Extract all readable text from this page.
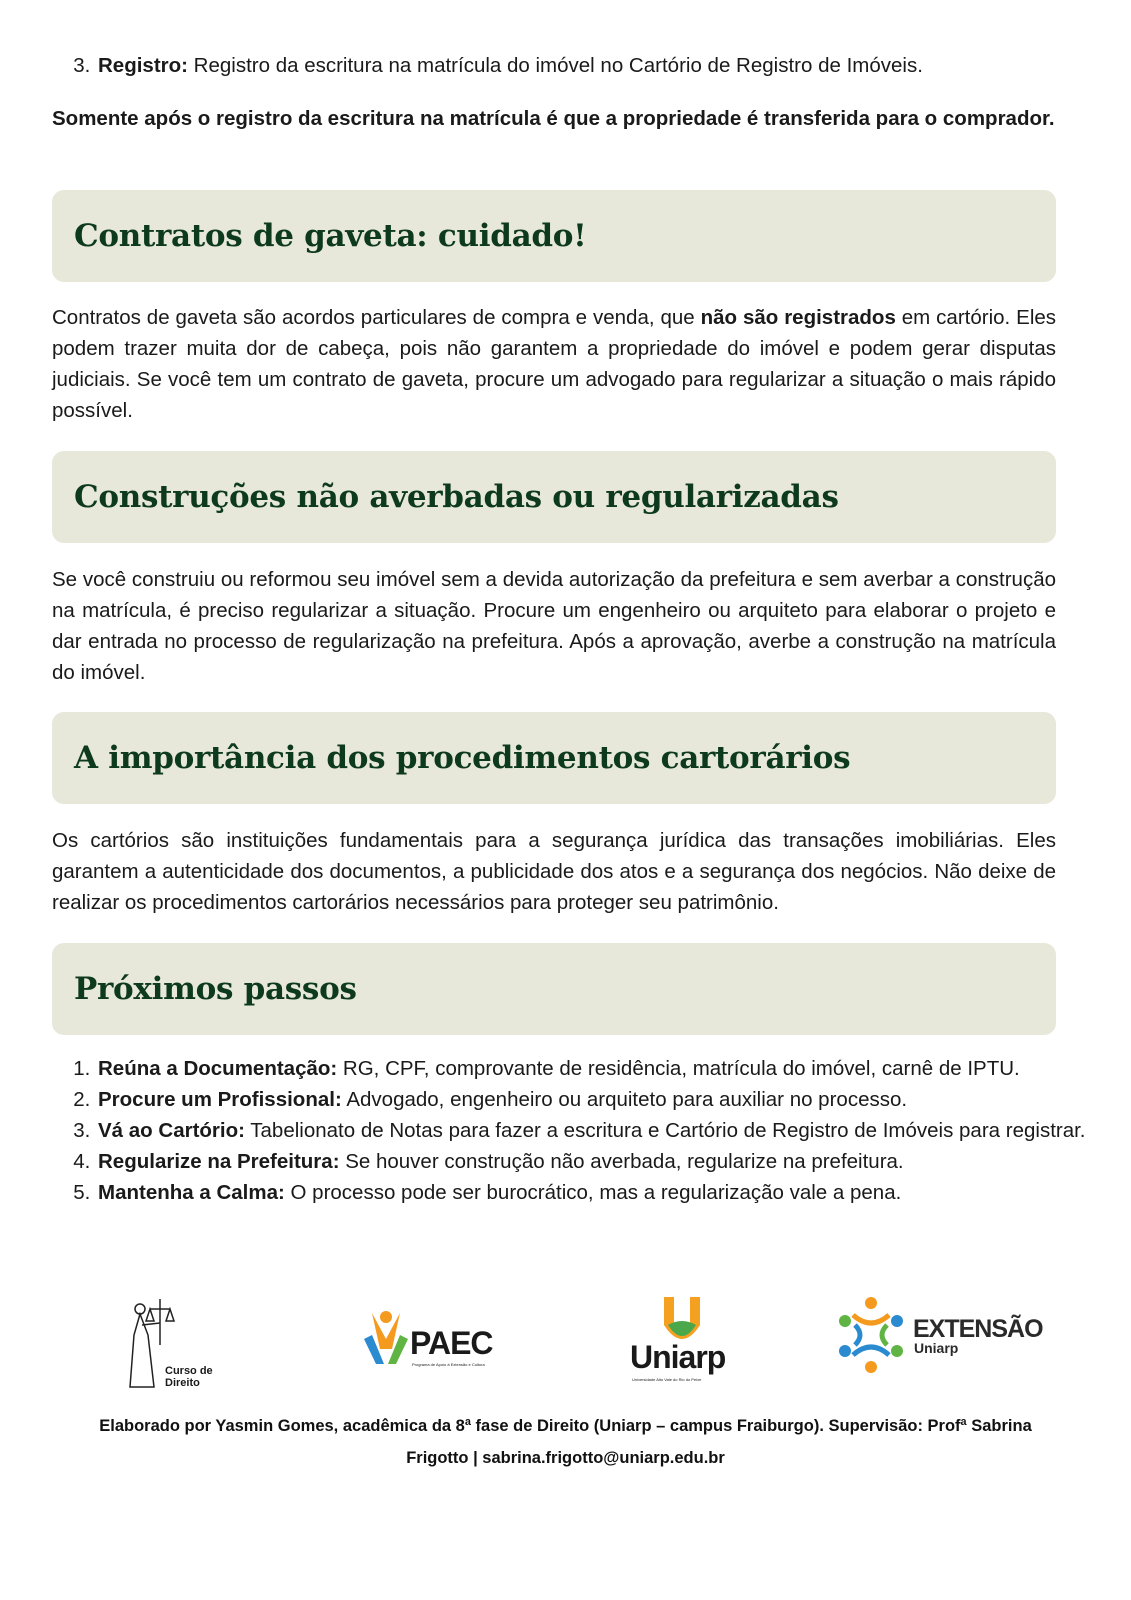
3. Registro: Registro da escritura na matrícula do imóvel no Cartório de Registro de Imóveis.

Somente após o registro da escritura na matrícula é que a propriedade é transferida para o comprador.

Contratos de gaveta: cuidado!

Contratos de gaveta são acordos particulares de compra e venda, que não são registrados em cartório. Eles podem trazer muita dor de cabeça, pois não garantem a propriedade do imóvel e podem gerar disputas judiciais. Se você tem um contrato de gaveta, procure um advogado para regularizar a situação o mais rápido possível.

Construções não averbadas ou regularizadas

Se você construiu ou reformou seu imóvel sem a devida autorização da prefeitura e sem averbar a construção na matrícula, é preciso regularizar a situação. Procure um engenheiro ou arquiteto para elaborar o projeto e dar entrada no processo de regularização na prefeitura. Após a aprovação, averbe a construção na matrícula do imóvel.

A importância dos procedimentos cartorários

Os cartórios são instituições fundamentais para a segurança jurídica das transações imobiliárias. Eles garantem a autenticidade dos documentos, a publicidade dos atos e a segurança dos negócios. Não deixe de realizar os procedimentos cartorários necessários para proteger seu patrimônio.

Próximos passos
1. Reúna a Documentação: RG, CPF, comprovante de residência, matrícula do imóvel, carnê de IPTU.
2. Procure um Profissional: Advogado, engenheiro ou arquiteto para auxiliar no processo.
3. Vá ao Cartório: Tabelionato de Notas para fazer a escritura e Cartório de Registro de Imóveis para registrar.
4. Regularize na Prefeitura: Se houver construção não averbada, regularize na prefeitura.
5. Mantenha a Calma: O processo pode ser burocrático, mas a regularização vale a pena.
Curso de Direito
PAEC
Programa de Apoio à Extensão e Cultura	Uniarp
Universidade Alto Vale do Rio do Peixe
EXTENSÃO
Uniarp
Elaborado por Yasmin Gomes, acadêmica da 8ª fase de Direito (Uniarp – campus Fraiburgo). Supervisão: Profª Sabrina
Frigotto | sabrina.frigotto@uniarp.edu.br
